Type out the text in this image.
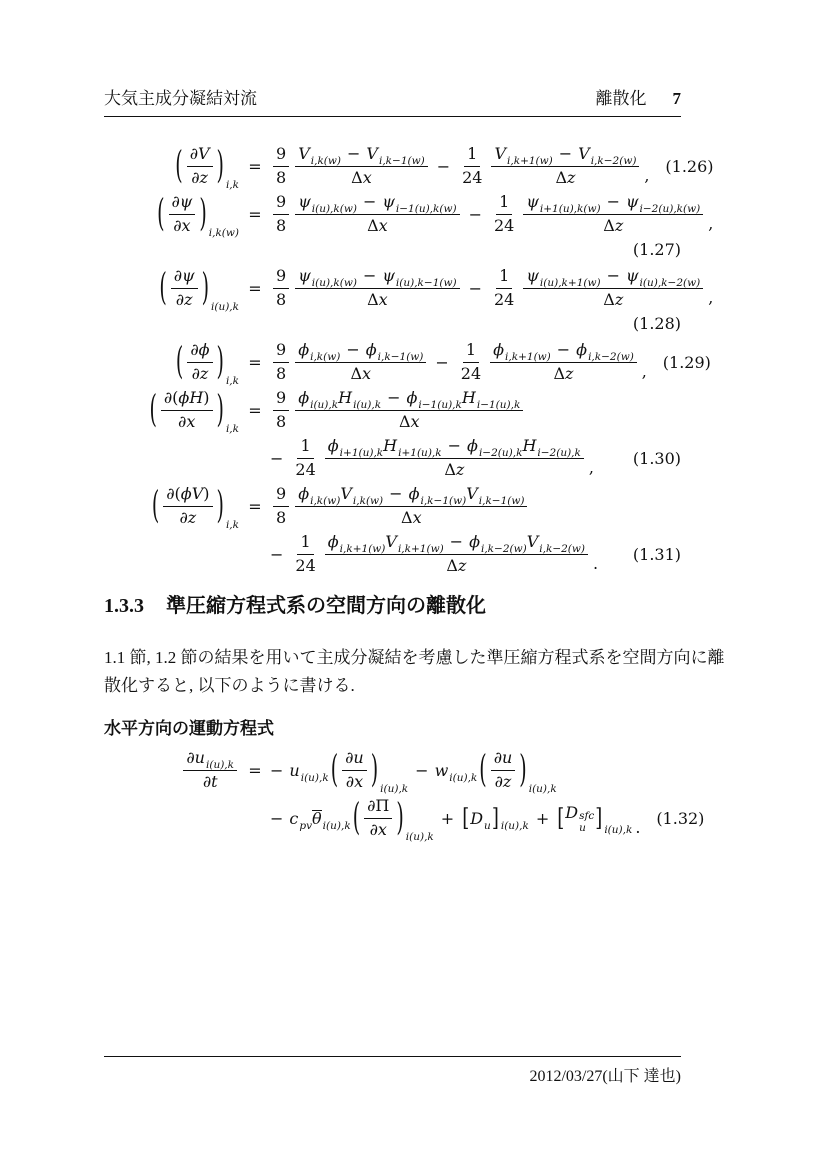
大気主成分凝結対流	離散化 7
( $\frac{\partial V}{\partial z}$ ) i,k
= $\frac{9}{8} \frac{Vi,k(w) - Vi,k-1(w)}{\text{Δ x}} - \frac{1}{24} \frac{Vi,k+1(w) - Vi,k-2(w)}{\text{Δ z}}$ , (1.26)
( $\frac{\partial\psi}{\partial x}$ ) i,k(w)
= $\frac{9}{8} \frac{\psi i(u),k(w) - \psi i-1(u),k(w)}{\text{Δ x}} - \frac{1}{24} \frac{\psi i+1(u),k(w) - \psi i-2(u),k(w)}{\text{Δ z}}$ ,
(1.27)
( $\frac{\partial\psi}{\partial z}$ ) i(u),k
= $\frac{9}{8} \frac{\psi i(u),k(w) - \psi i(u),k-1(w)}{\text{Δ x}} - \frac{1}{24} \frac{\psi i(u),k+1(w) - \psi i(u),k-2(w)}{\text{Δ z}}$ ,
(1.28)
( $\frac{\partial\phi}{\partial z}$ ) i,k
= $\frac{9}{8} \frac{\phi i,k(w) - \phi i,k-1(w)}{\text{Δ x}} - \frac{1}{24} \frac{\phi i,k+1(w) - \phi i,k-2(w)}{\text{Δ z}}$ , (1.29)
( $\frac{\partial ( \phi H )}{\partial x}$ ) i,k
= $\frac{9}{8} \frac{\text{ϕi(u),k Hi(u),k − ϕi−1(u),k Hi−1(u),k}}{\text{Δ x}}$
− $\frac{1}{24} \frac{\text{ϕi+1(u),k Hi+1(u),k − ϕi−2(u),k Hi−2(u),k}}{\text{Δ z}}$ ,	(1.30)
( $\frac{\partial ( \phi V )}{\partial z}$ ) i,k
= $\frac{9}{8} \frac{\phi i,k(w) Vi,k(w) - \phi i,k-1(w) Vi,k-1(w)}{\text{Δ x}}$
− $\frac{1}{24} \frac{\phi i,k+1(w) Vi,k+1(w) - \phi i,k-2(w) Vi,k-2(w)}{\text{Δ z}}$ .	(1.31)
1.3.3 準圧縮方程式系の空間方向の離散化
1.1 節, 1.2 節の結果を用いて主成分凝結を考慮した準圧縮方程式系を空間方向に離
散化すると, 以下のように書ける.
水平方向の運動方程式
$\frac{\partial ui(u),k}{\partial t}$ = − ui(u),k ( $\frac{\partial u}{\partial x}$ ) i(u),k
− wi(u),k ( $\frac{\partial u}{\partial z}$ ) i(u),k
− cpv θi(u),k ( $\frac{\partial \Pi}{\partial x}$ ) i(u),k
+ [ Du ] i(u),k + [ D sfc
u ] i(u),k . (1.32)
2012/03/27(山下 達也)
